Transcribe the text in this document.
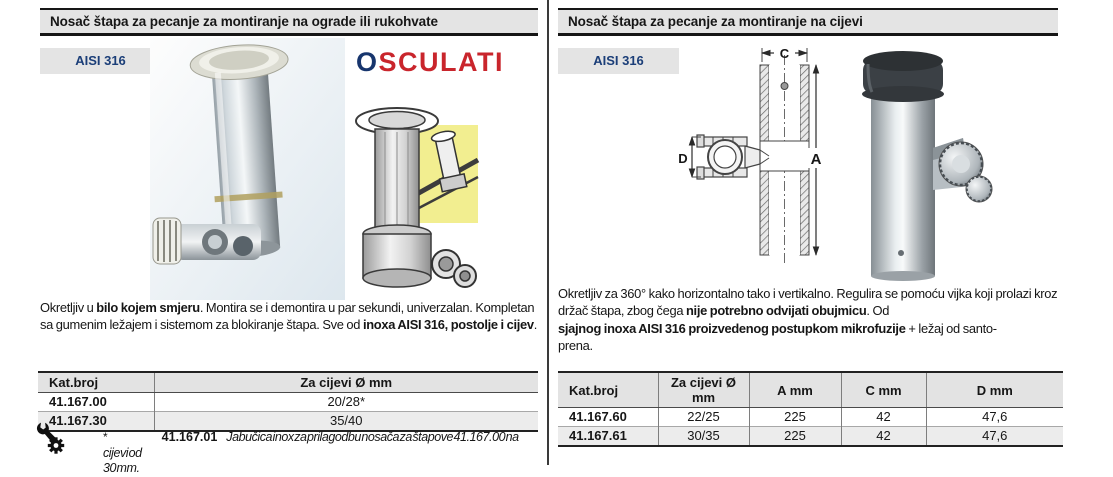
Nosač štapa za pecanje za montiranje na ograde ili rukohvate
AISI 316	OSCULATI
Okretljiv u bilo kojem smjeru. Montira se i demontira u par sekundi, univerzalan. Kompletan sa gumenim ležajem i sistemom za blokiranje štapa. Sve od inoxa AISI 316, postolje i cijev.
Kat.broj	Za cijevi Ø mm
41.167.00	20/28*
41.167.30	35/40
*	41.167.01 Jabučica inox za prilagodbu nosača za štapove 41.167.00 na cijevi od
30 mm.
Nosač štapa za pecanje za montiranje na cijevi
AISI 316	C
A
D
Okretljiv za 360° kako horizontalno tako i vertikalno. Regulira se pomoću vijka koji prolazi kroz držač štapa, zbog čega nije potrebno odvijati obujmicu. Od
sjajnog inoxa AISI 316 proizvedenog postupkom mikrofuzije + ležaj od santo-
prena.
Kat.broj	Za cijevi Ø mm	A mm	C mm	D mm
41.167.60	22/25	225	42	47,6
41.167.61	30/35	225	42	47,6
